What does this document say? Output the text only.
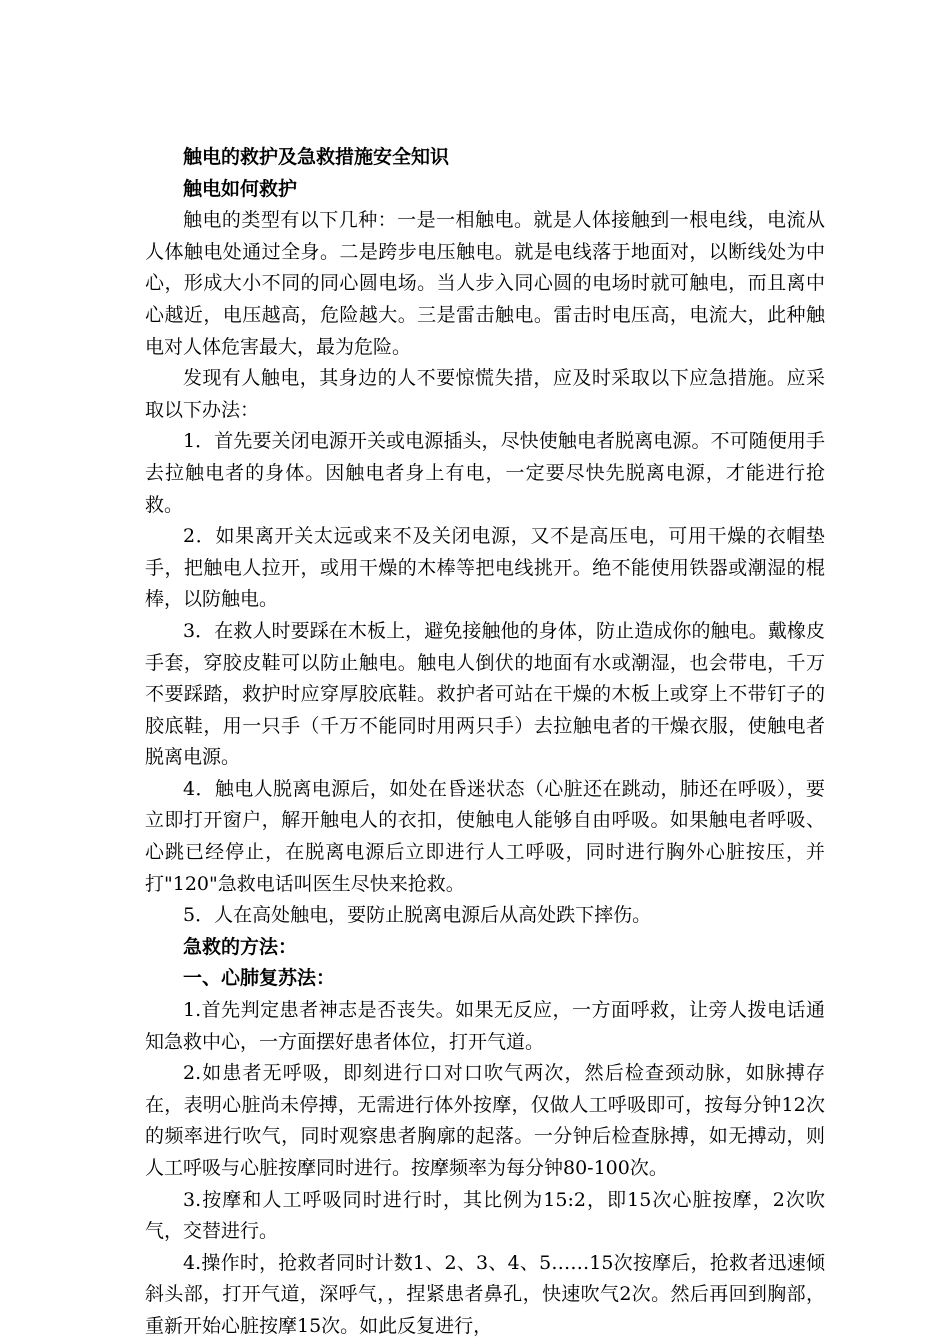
触电的救护及急救措施安全知识

触电如何救护

触电的类型有以下几种：一是一相触电。就是人体接触到一根电线，电流从人体触电处通过全身。二是跨步电压触电。就是电线落于地面对，以断线处为中心，形成大小不同的同心圆电场。当人步入同心圆的电场时就可触电，而且离中心越近，电压越高，危险越大。三是雷击触电。雷击时电压高，电流大，此种触电对人体危害最大，最为危险。

发现有人触电，其身边的人不要惊慌失措，应及时采取以下应急措施。应采取以下办法：

1．首先要关闭电源开关或电源插头，尽快使触电者脱离电源。不可随便用手去拉触电者的身体。因触电者身上有电，一定要尽快先脱离电源，才能进行抢救。

2．如果离开关太远或来不及关闭电源，又不是高压电，可用干燥的衣帽垫手，把触电人拉开，或用干燥的木棒等把电线挑开。绝不能使用铁器或潮湿的棍棒，以防触电。

3．在救人时要踩在木板上，避免接触他的身体，防止造成你的触电。戴橡皮手套，穿胶皮鞋可以防止触电。触电人倒伏的地面有水或潮湿，也会带电，千万不要踩踏，救护时应穿厚胶底鞋。救护者可站在干燥的木板上或穿上不带钉子的胶底鞋，用一只手（千万不能同时用两只手）去拉触电者的干燥衣服，使触电者脱离电源。

4．触电人脱离电源后，如处在昏迷状态（心脏还在跳动，肺还在呼吸），要立即打开窗户，解开触电人的衣扣，使触电人能够自由呼吸。如果触电者呼吸、心跳已经停止，在脱离电源后立即进行人工呼吸，同时进行胸外心脏按压，并打"120"急救电话叫医生尽快来抢救。

5．人在高处触电，要防止脱离电源后从高处跌下摔伤。

急救的方法：

一、心肺复苏法：

1.首先判定患者神志是否丧失。如果无反应，一方面呼救，让旁人拨电话通知急救中心，一方面摆好患者体位，打开气道。

2.如患者无呼吸，即刻进行口对口吹气两次，然后检查颈动脉，如脉搏存在，表明心脏尚未停搏，无需进行体外按摩，仅做人工呼吸即可，按每分钟12次的频率进行吹气，同时观察患者胸廓的起落。一分钟后检查脉搏，如无搏动，则人工呼吸与心脏按摩同时进行。按摩频率为每分钟80-100次。

3.按摩和人工呼吸同时进行时，其比例为15:2，即15次心脏按摩，2次吹气，交替进行。

4.操作时，抢救者同时计数1、2、3、4、5……15次按摩后，抢救者迅速倾斜头部，打开气道，深呼气，，捏紧患者鼻孔，快速吹气2次。然后再回到胸部，重新开始心脏按摩15次。如此反复进行，
